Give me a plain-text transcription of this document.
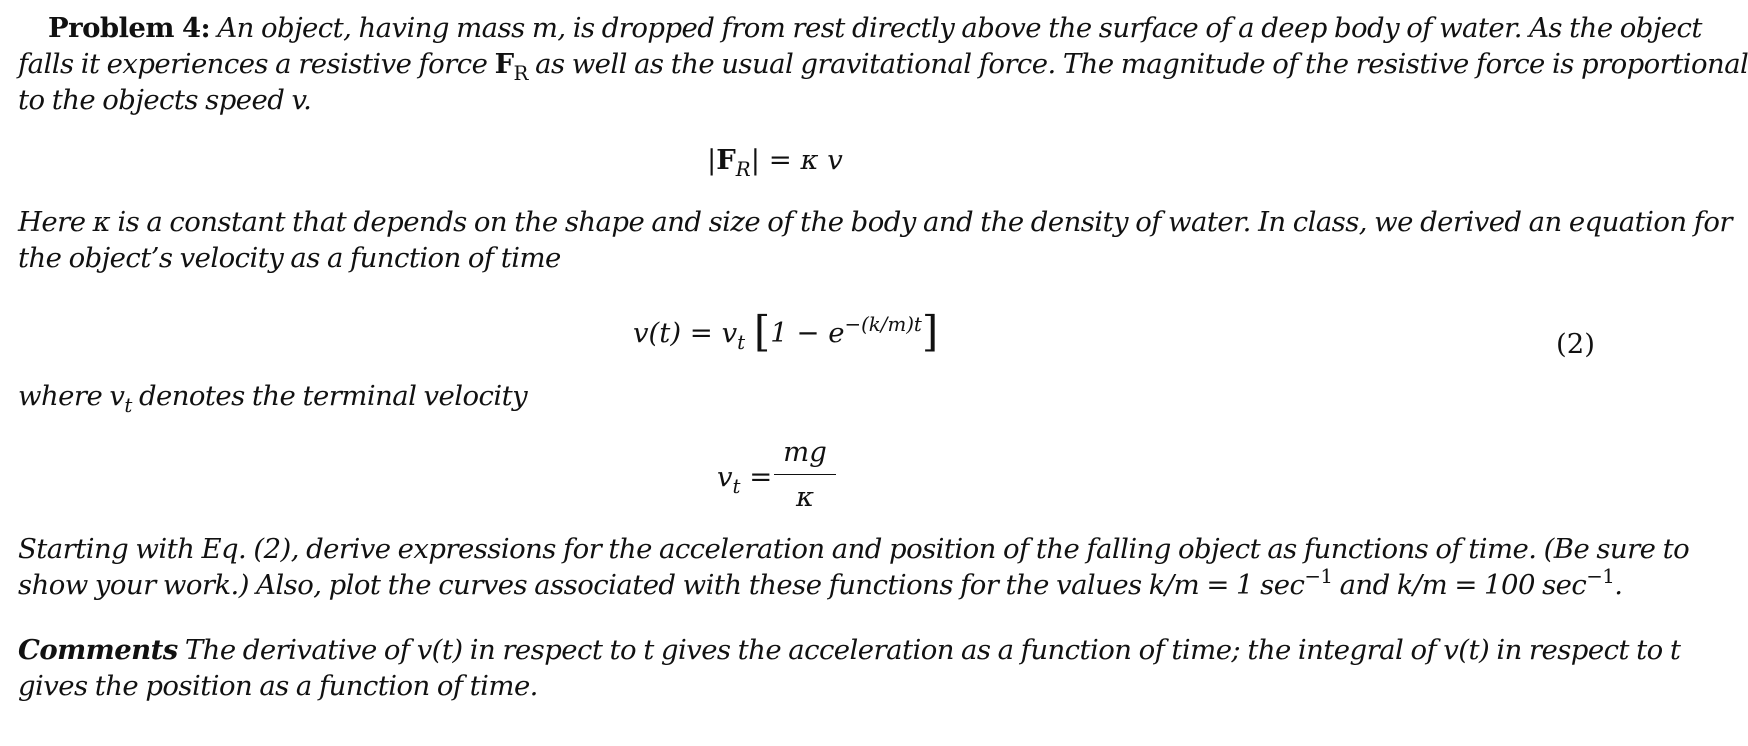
Problem 4: An object, having mass m, is dropped from rest directly above the surface of a deep body of water. As the object
falls it experiences a resistive force $F_R$ as well as the usual gravitational force. The magnitude of the resistive force is proportional
to the objects speed v.
$|F_R| = \kappa$ v
Here κ is a constant that depends on the shape and size of the body and the density of water. In class, we derived an equation for
the object’s velocity as a function of time
$v(t) = v_t$ $[1 - e^{-(k/m)t}]$	(2)
where $v_t$ denotes the terminal velocity
$v_t$ =
mg
κ
Starting with Eq. (2), derive expressions for the acceleration and position of the falling object as functions of time. (Be sure to
show your work.) Also, plot the curves associated with these functions for the values k/m = 1 $\sec^{-1}$ and k/m = 100 $\sec^{-1}$.
Comments The derivative of v(t) in respect to t gives the acceleration as a function of time; the integral of v(t) in respect to t
gives the position as a function of time.
